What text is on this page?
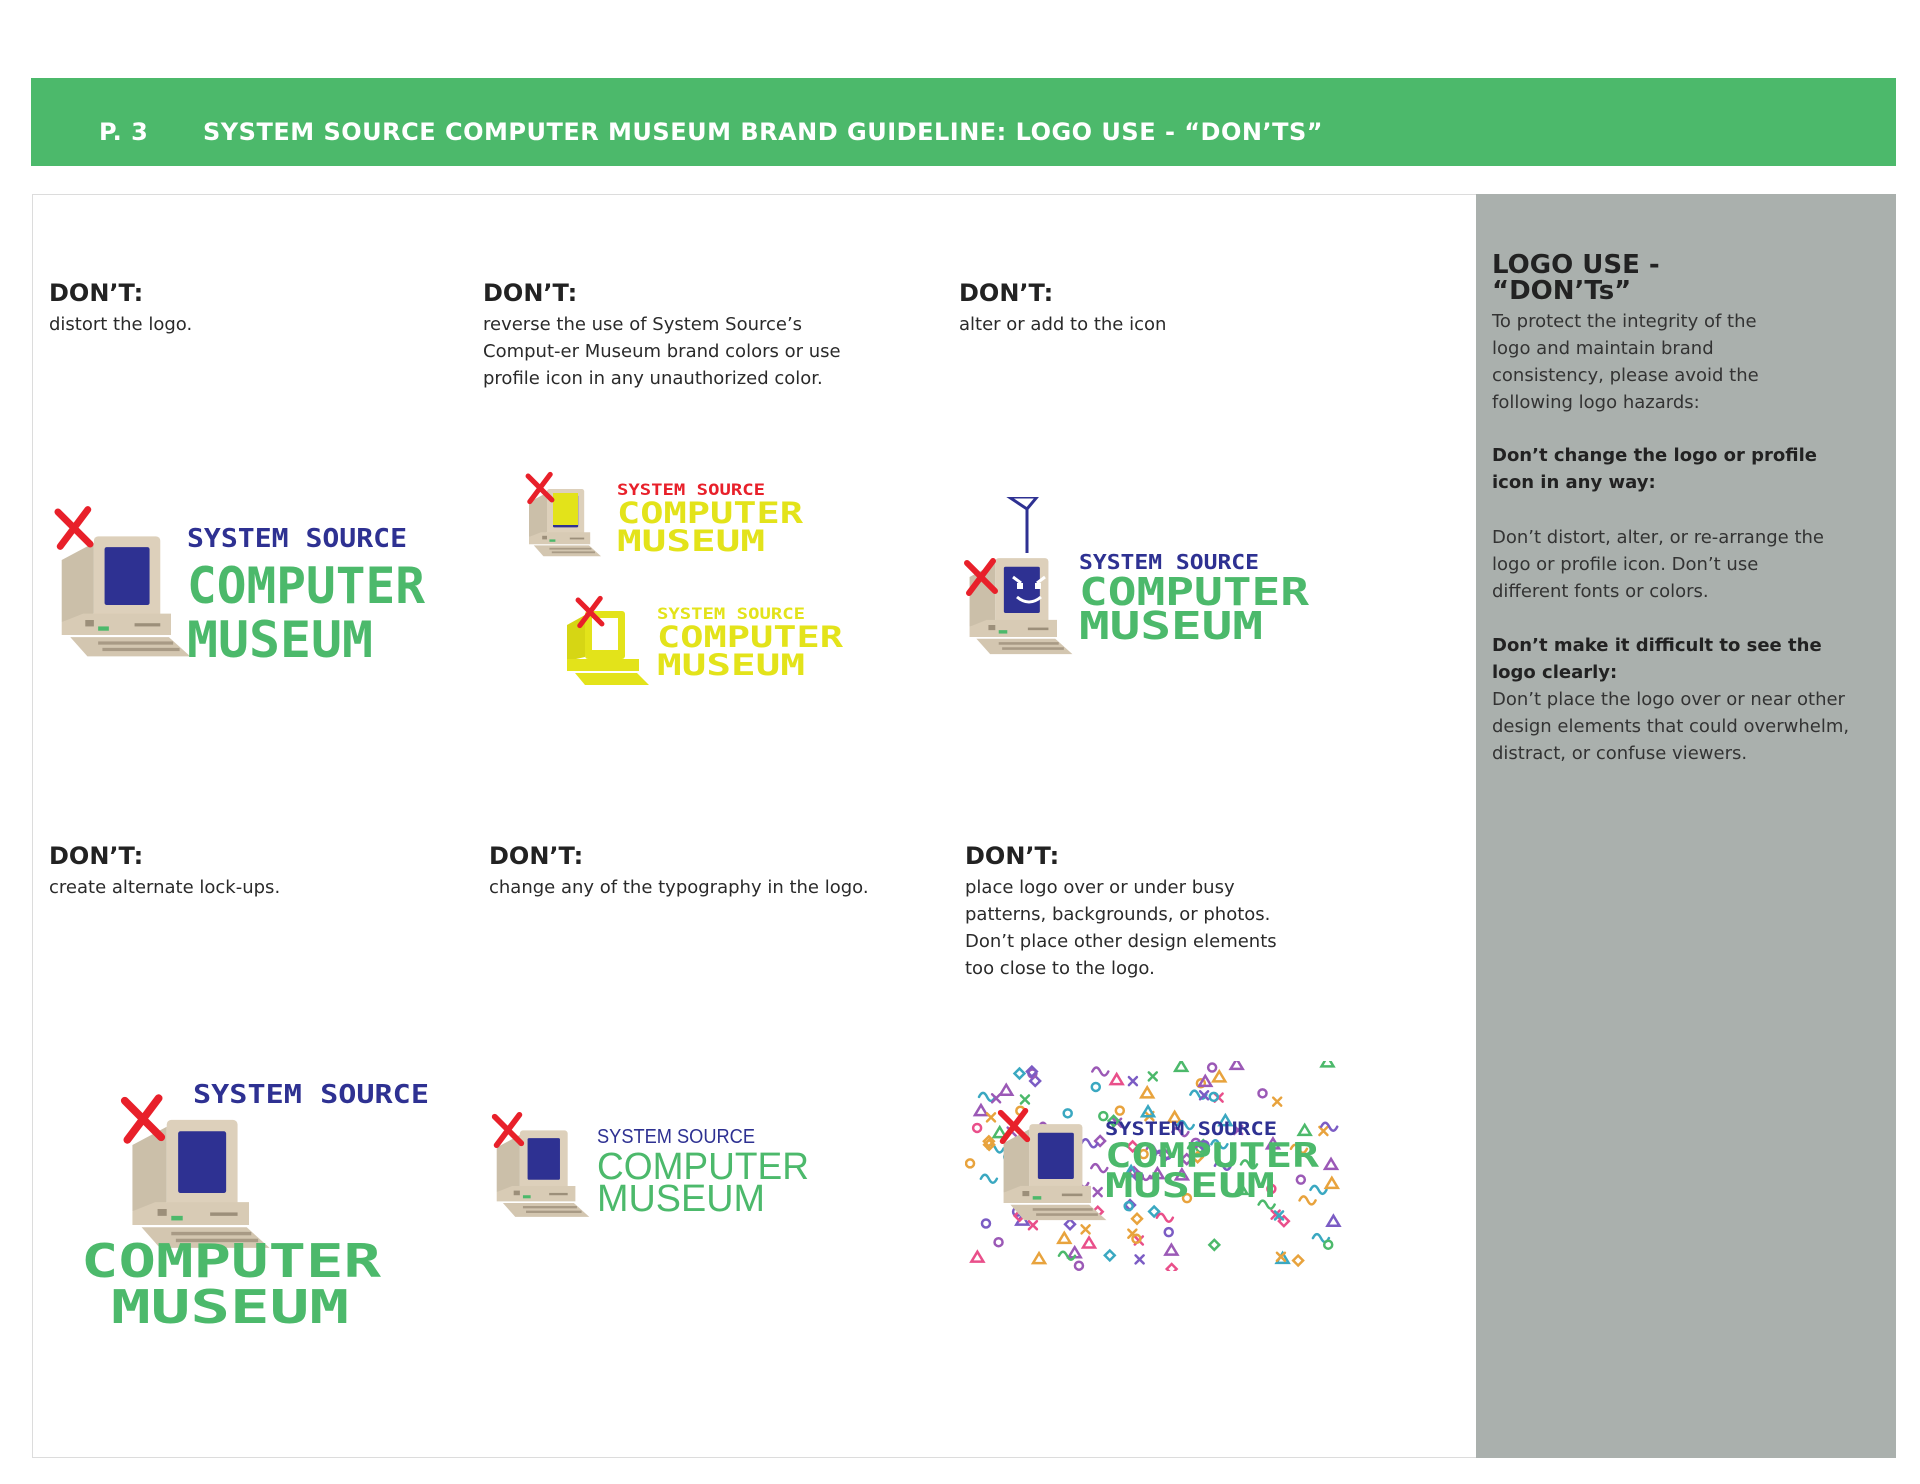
P. 3 SYSTEM SOURCE COMPUTER MUSEUM BRAND GUIDELINE: LOGO USE - “DON’TS”
DON’T:

distort the logo.

SYSTEM SOURCE
COMPUTER
MUSEUM
DON’T:

reverse the use of System Source’s Comput-er Museum brand colors or use profile icon in any unauthorized color.

SYSTEM SOURCE
COMPUTER
MUSEUM
SYSTEM SOURCE
COMPUTER
MUSEUM
DON’T:

alter or add to the icon

SYSTEM SOURCE
COMPUTER
MUSEUM
DON’T:

create alternate lock-ups.

SYSTEM SOURCE
COMPUTER
MUSEUM
DON’T:

change any of the typography in the logo.

SYSTEM SOURCE
COMPUTER
MUSEUM
DON’T:

place logo over or under busy patterns, backgrounds, or photos. Don’t place other design elements too close to the logo.

SYSTEM SOURCE
COMPUTER
MUSEUM
LOGO USE - “DON’Ts”

To protect the integrity of the logo and maintain brand consistency, please avoid the following logo hazards:

Don’t change the logo or profile icon in any way:

Don’t distort, alter, or re-arrange the logo or profile icon. Don’t use different fonts or colors.

Don’t make it difficult to see the logo clearly:

Don’t place the logo over or near other design elements that could overwhelm, distract, or confuse viewers.
